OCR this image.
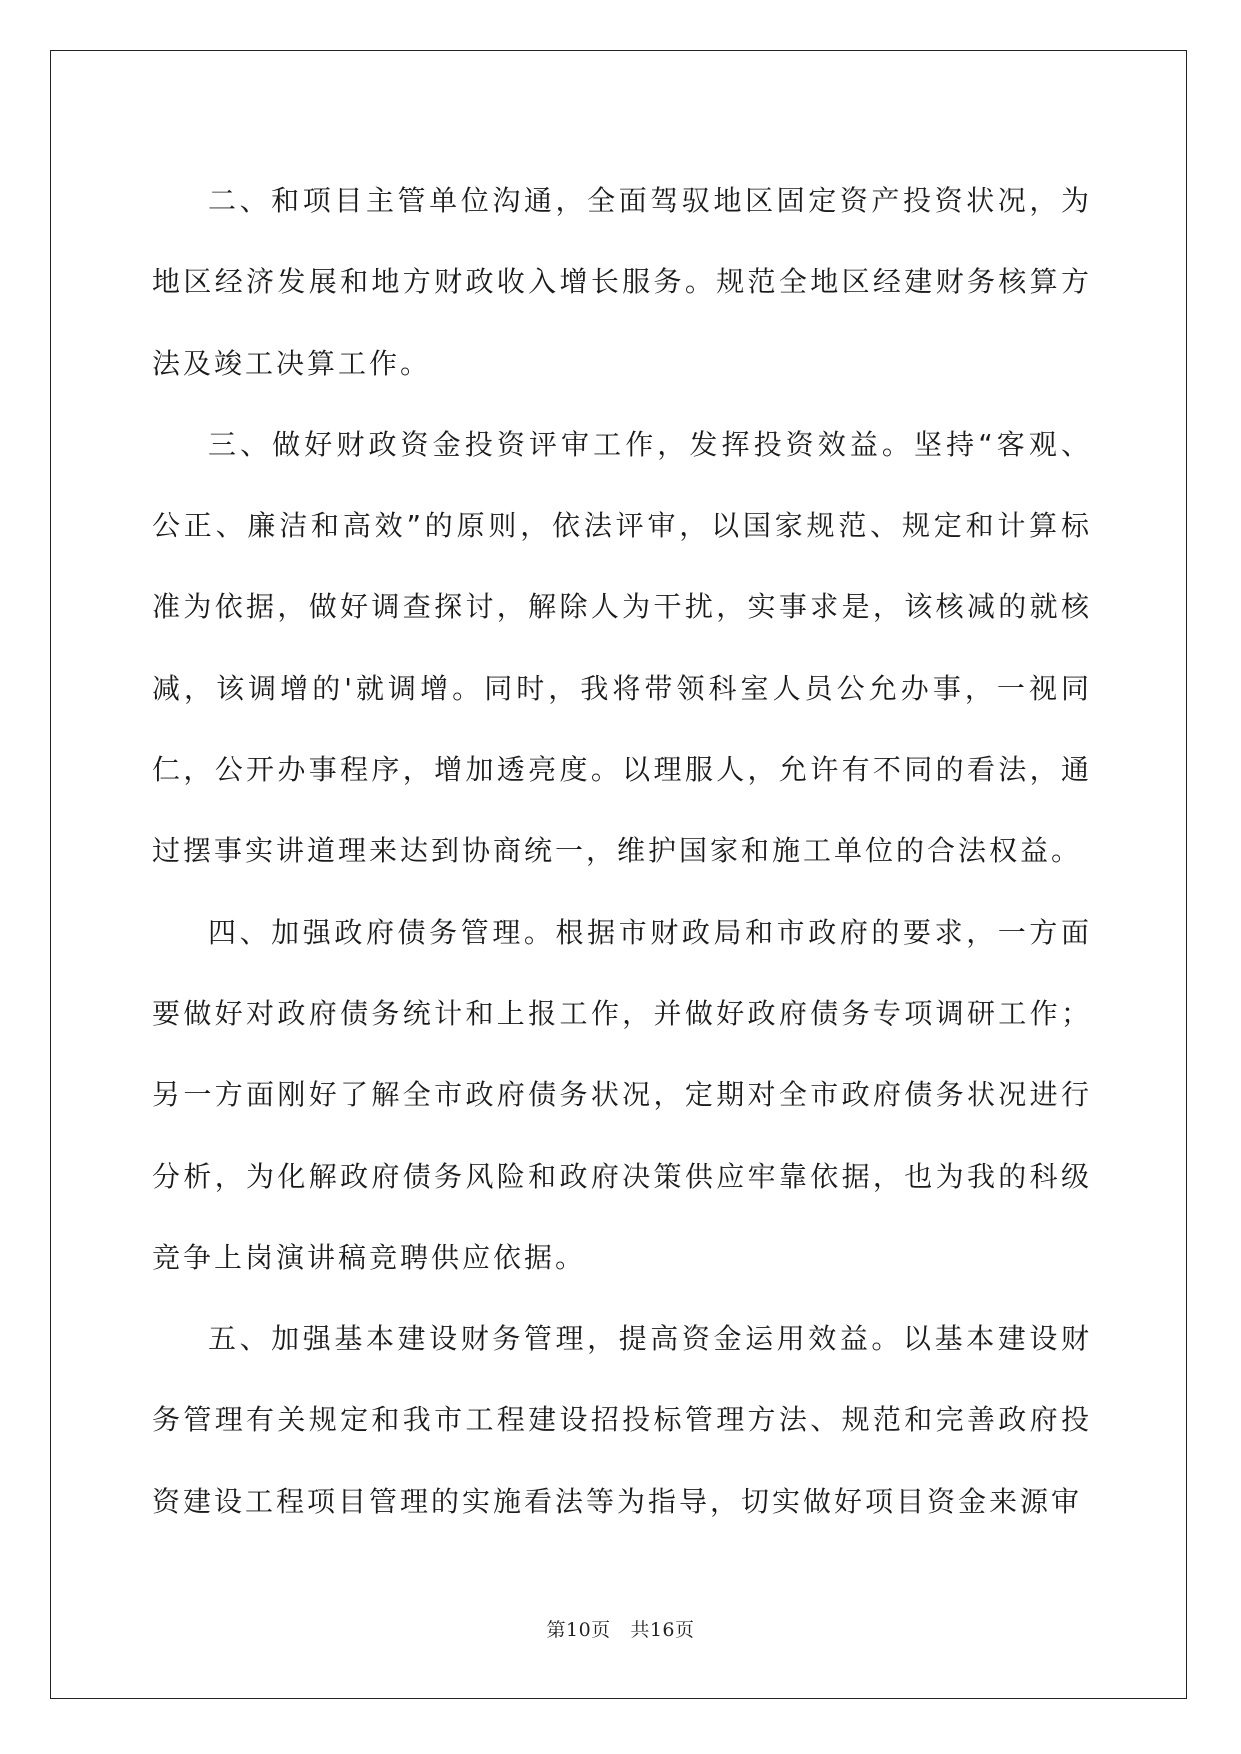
二、和项目主管单位沟通，全面驾驭地区固定资产投资状况，为地区经济发展和地方财政收入增长服务。规范全地区经建财务核算方法及竣工决算工作。

三、做好财政资金投资评审工作，发挥投资效益。坚持“客观、公正、廉洁和高效”的原则，依法评审，以国家规范、规定和计算标准为依据，做好调查探讨，解除人为干扰，实事求是，该核减的就核减，该调增的'就调增。同时，我将带领科室人员公允办事，一视同仁，公开办事程序，增加透亮度。以理服人，允许有不同的看法，通过摆事实讲道理来达到协商统一，维护国家和施工单位的合法权益。

四、加强政府债务管理。根据市财政局和市政府的要求，一方面要做好对政府债务统计和上报工作，并做好政府债务专项调研工作；另一方面刚好了解全市政府债务状况，定期对全市政府债务状况进行分析，为化解政府债务风险和政府决策供应牢靠依据，也为我的科级竞争上岗演讲稿竞聘供应依据。

五、加强基本建设财务管理，提高资金运用效益。以基本建设财务管理有关规定和我市工程建设招投标管理方法、规范和完善政府投资建设工程项目管理的实施看法等为指导，切实做好项目资金来源审

第10页 共16页
